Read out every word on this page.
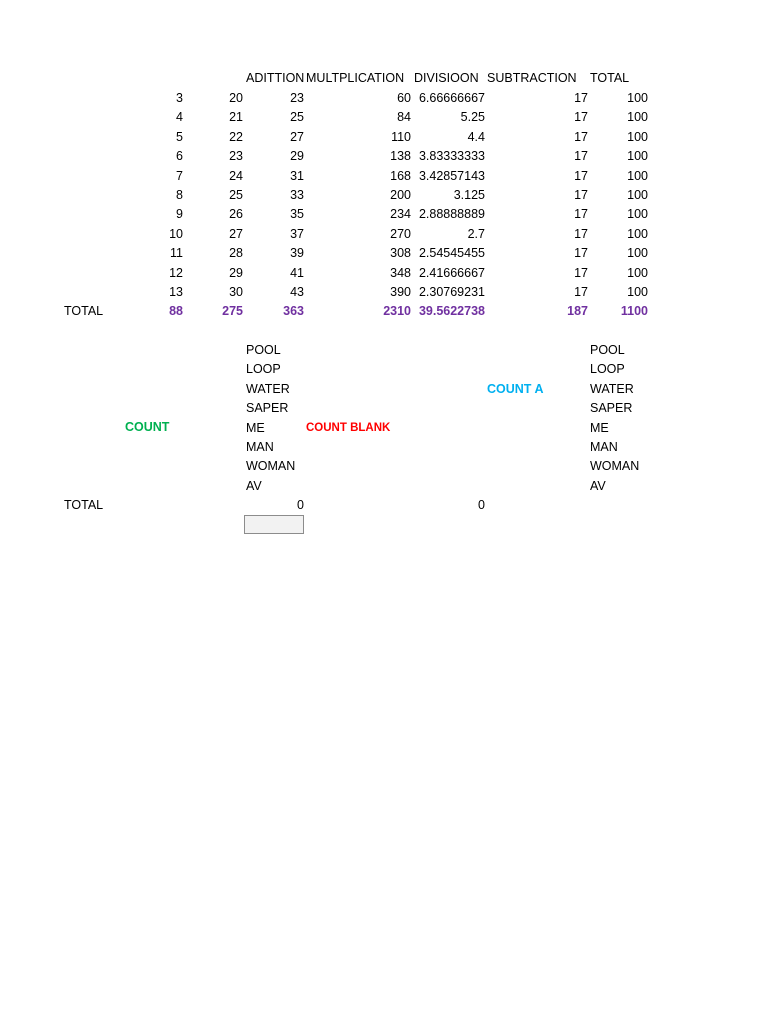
ADITTION MULTPLICATION DIVISIOON SUBTRACTION TOTAL
3	20	23	60 6.66666667	17	100
4	21	25	84	5.25	17	100
5	22	27	110	4.4	17	100
6	23	29	138 3.83333333	17	100
7	24	31	168 3.42857143	17	100
8	25	33	200	3.125	17	100
9	26	35	234 2.88888889	17	100
10	27	37	270	2.7	17	100
11	28	39	308 2.54545455	17	100
12	29	41	348 2.41666667	17	100
13	30	43	390 2.30769231	17	100
TOTAL	88	275	363	2310 39.5622738	187	1100
POOL
LOOP
WATER
SAPER
ME
MAN
WOMAN
AV
POOL
LOOP
WATER
SAPER
ME
MAN
WOMAN
AV
COUNT	COUNT BLANK
COUNT A
TOTAL	0	0
